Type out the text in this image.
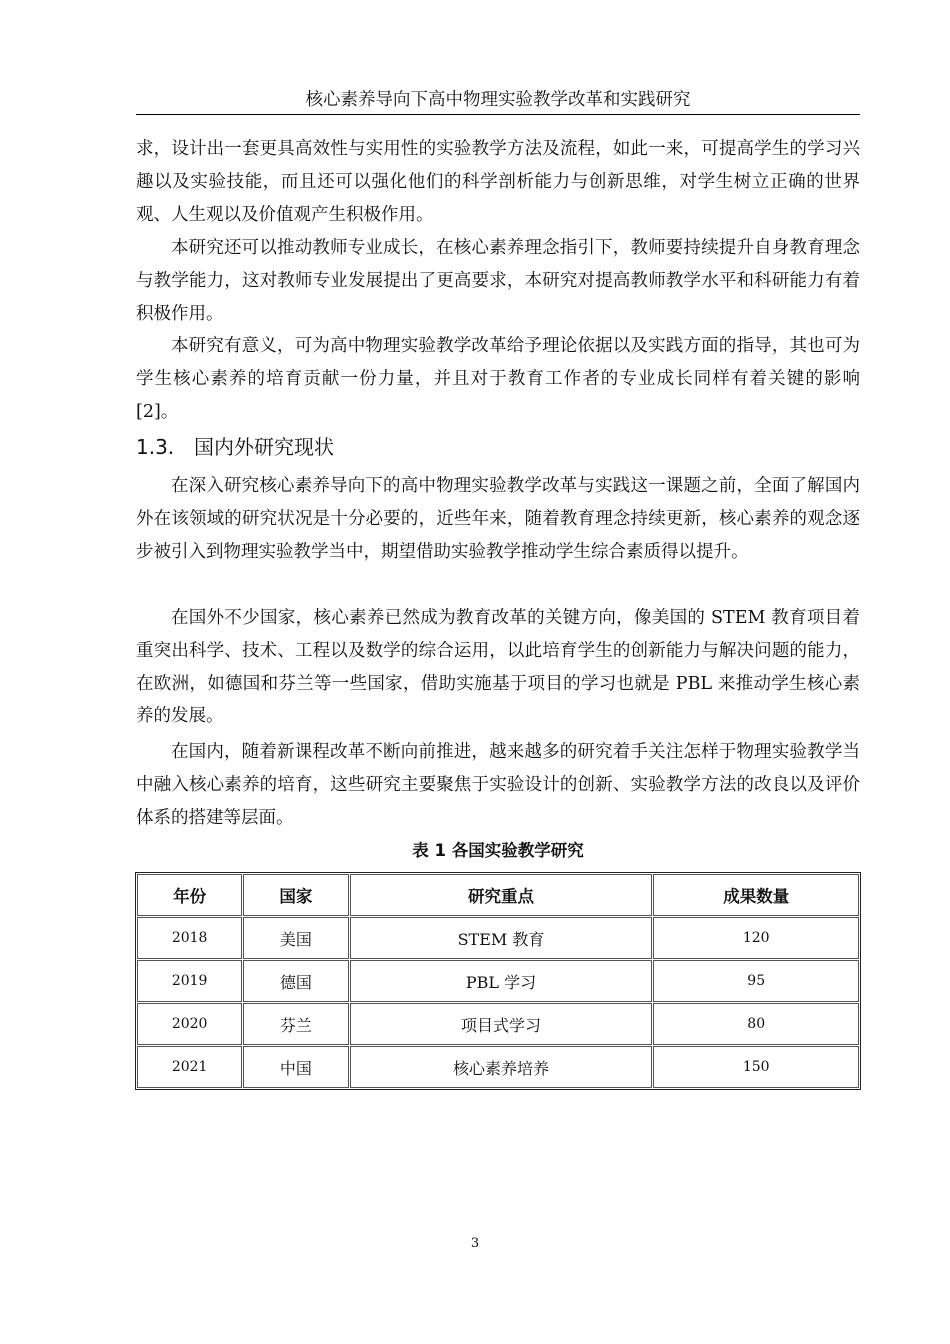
核心素养导向下高中物理实验教学改革和实践研究

求，设计出一套更具高效性与实用性的实验教学方法及流程，如此一来，可提高学生的学习兴趣以及实验技能，而且还可以强化他们的科学剖析能力与创新思维，对学生树立正确的世界观、人生观以及价值观产生积极作用。

本研究还可以推动教师专业成长，在核心素养理念指引下，教师要持续提升自身教育理念与教学能力，这对教师专业发展提出了更高要求，本研究对提高教师教学水平和科研能力有着积极作用。

本研究有意义，可为高中物理实验教学改革给予理论依据以及实践方面的指导，其也可为学生核心素养的培育贡献一份力量，并且对于教育工作者的专业成长同样有着关键的影响[2]。

1.3. 国内外研究现状

在深入研究核心素养导向下的高中物理实验教学改革与实践这一课题之前，全面了解国内外在该领域的研究状况是十分必要的，近些年来，随着教育理念持续更新，核心素养的观念逐步被引入到物理实验教学当中，期望借助实验教学推动学生综合素质得以提升。

在国外不少国家，核心素养已然成为教育改革的关键方向，像美国的 STEM 教育项目着重突出科学、技术、工程以及数学的综合运用，以此培育学生的创新能力与解决问题的能力，在欧洲，如德国和芬兰等一些国家，借助实施基于项目的学习也就是 PBL 来推动学生核心素养的发展。

在国内，随着新课程改革不断向前推进，越来越多的研究着手关注怎样于物理实验教学当中融入核心素养的培育，这些研究主要聚焦于实验设计的创新、实验教学方法的改良以及评价体系的搭建等层面。

表 1 各国实验教学研究
年份	国家	研究重点	成果数量
2018	美国	STEM 教育	120
2019	德国	PBL 学习	95
2020	芬兰	项目式学习	80
2021	中国	核心素养培养	150
3
